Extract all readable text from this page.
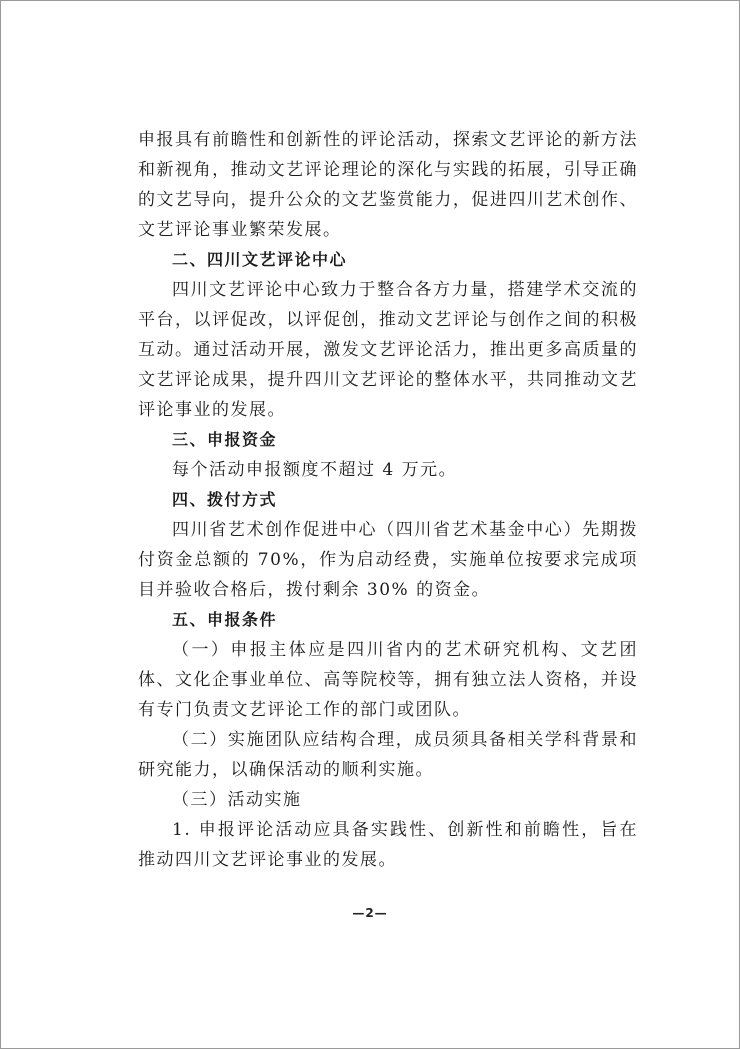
申报具有前瞻性和创新性的评论活动，探索文艺评论的新方法和新视角，推动文艺评论理论的深化与实践的拓展，引导正确的文艺导向，提升公众的文艺鉴赏能力，促进四川艺术创作、文艺评论事业繁荣发展。

二、四川文艺评论中心

四川文艺评论中心致力于整合各方力量，搭建学术交流的平台，以评促改，以评促创，推动文艺评论与创作之间的积极互动。通过活动开展，激发文艺评论活力，推出更多高质量的文艺评论成果，提升四川文艺评论的整体水平，共同推动文艺评论事业的发展。

三、申报资金

每个活动申报额度不超过 4 万元。

四、拨付方式

四川省艺术创作促进中心（四川省艺术基金中心）先期拨付资金总额的 70%，作为启动经费，实施单位按要求完成项目并验收合格后，拨付剩余 30% 的资金。

五、申报条件

（一）申报主体应是四川省内的艺术研究机构、文艺团体、文化企事业单位、高等院校等，拥有独立法人资格，并设有专门负责文艺评论工作的部门或团队。

（二）实施团队应结构合理，成员须具备相关学科背景和研究能力，以确保活动的顺利实施。

（三）活动实施

1. 申报评论活动应具备实践性、创新性和前瞻性，旨在推动四川文艺评论事业的发展。

—2—
